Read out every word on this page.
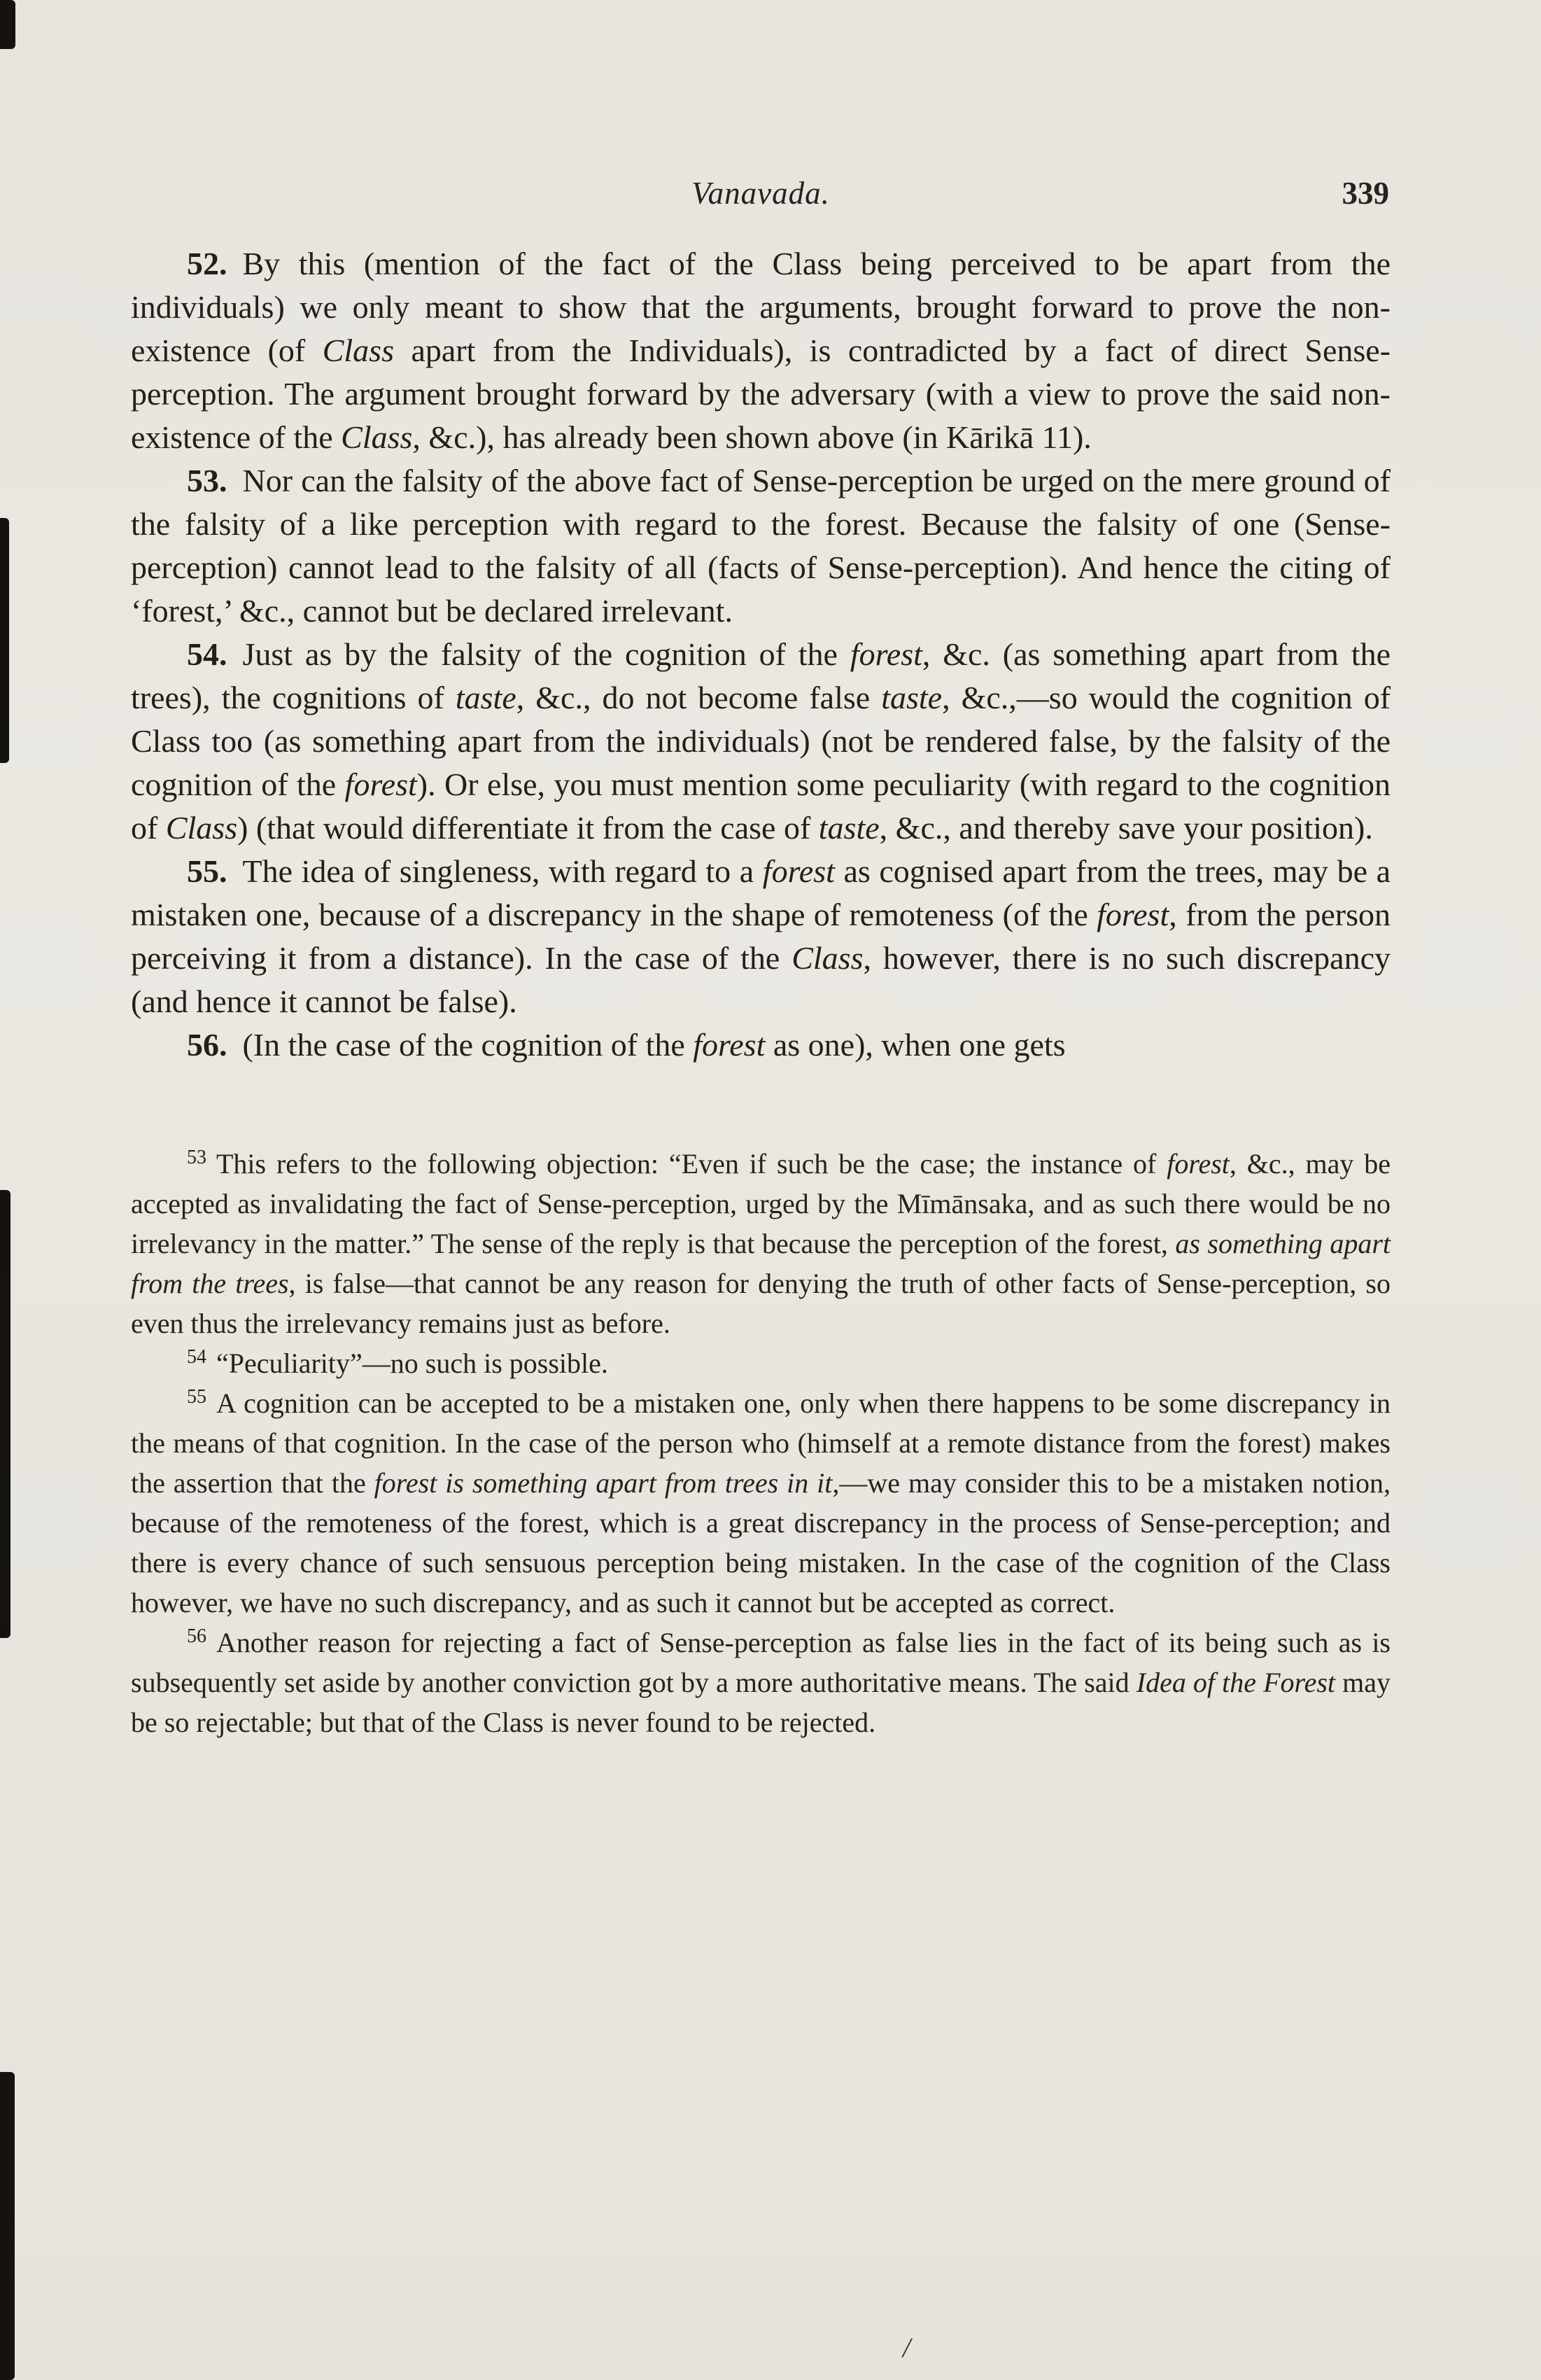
Vanavada.	339

52. By this (mention of the fact of the Class being perceived to be apart from the individuals) we only meant to show that the arguments, brought forward to prove the non-existence (of Class apart from the Individuals), is contradicted by a fact of direct Sense-perception. The argument brought forward by the adversary (with a view to prove the said non-existence of the Class, &c.), has already been shown above (in Kārikā 11).

53. Nor can the falsity of the above fact of Sense-perception be urged on the mere ground of the falsity of a like perception with regard to the forest. Because the falsity of one (Sense-perception) cannot lead to the falsity of all (facts of Sense-perception). And hence the citing of ‘forest,’ &c., cannot but be declared irrelevant.

54. Just as by the falsity of the cognition of the forest, &c. (as something apart from the trees), the cognitions of taste, &c., do not become false taste, &c.,—so would the cognition of Class too (as something apart from the individuals) (not be rendered false, by the falsity of the cognition of the forest). Or else, you must mention some peculiarity (with regard to the cognition of Class) (that would differentiate it from the case of taste, &c., and thereby save your position).

55. The idea of singleness, with regard to a forest as cognised apart from the trees, may be a mistaken one, because of a discrepancy in the shape of remoteness (of the forest, from the person perceiving it from a distance). In the case of the Class, however, there is no such discrepancy (and hence it cannot be false).

56. (In the case of the cognition of the forest as one), when one gets

$^{53}$ This refers to the following objection: “Even if such be the case; the instance of forest, &c., may be accepted as invalidating the fact of Sense-perception, urged by the Mīmānsaka, and as such there would be no irrelevancy in the matter.” The sense of the reply is that because the perception of the forest, as something apart from the trees, is false—that cannot be any reason for denying the truth of other facts of Sense-perception, so even thus the irrelevancy remains just as before.

$^{54}$ “Peculiarity”—no such is possible.

$^{55}$ A cognition can be accepted to be a mistaken one, only when there happens to be some discrepancy in the means of that cognition. In the case of the person who (himself at a remote distance from the forest) makes the assertion that the forest is something apart from trees in it,—we may consider this to be a mistaken notion, because of the remoteness of the forest, which is a great discrepancy in the process of Sense-perception; and there is every chance of such sensuous perception being mistaken. In the case of the cognition of the Class however, we have no such discrepancy, and as such it cannot but be accepted as correct.

$^{56}$ Another reason for rejecting a fact of Sense-perception as false lies in the fact of its being such as is subsequently set aside by another conviction got by a more authoritative means. The said Idea of the Forest may be so rejectable; but that of the Class is never found to be rejected.

/
